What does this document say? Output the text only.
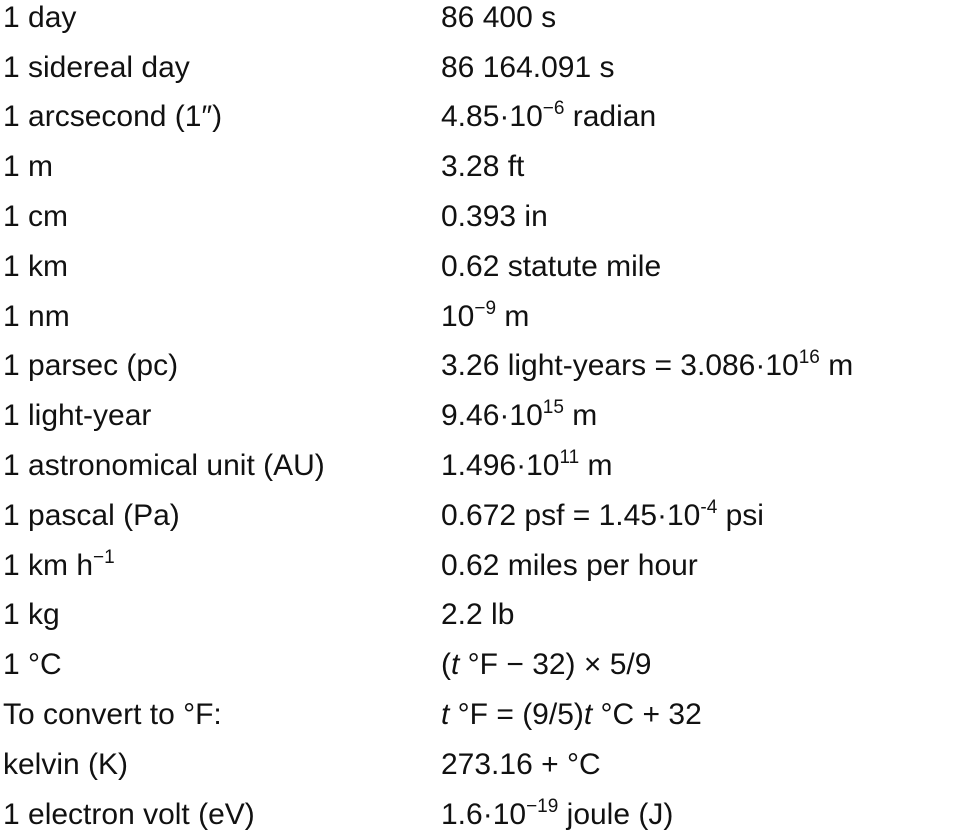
1 day	86 400 s
1 sidereal day	86 164.091 s
1 arcsecond (1″)	$4.85\cdot 10^{-6}$ radian
1 m	3.28 ft
1 cm	0.393 in
1 km	0.62 statute mile
1 nm	$10^{-9}$ m
1 parsec (pc)	3.26 light-years = $3.086\cdot 10^{16}$ m
1 light-year	$9.46\cdot 10^{15}$ m
1 astronomical unit (AU)	$1.496\cdot 10^{11}$ m
1 pascal (Pa)	0.672 psf = $1.45\cdot 10^{-4}$ psi
1 km $h^{-1}$	0.62 miles per hour
1 kg	2.2 lb
1 °C	(t °F − 32) × 5/9
To convert to °F:	t °F = (9/5)t °C + 32
kelvin (K)	273.16 + °C
1 electron volt (eV)	$1.6\cdot 10^{-19}$ joule (J)
